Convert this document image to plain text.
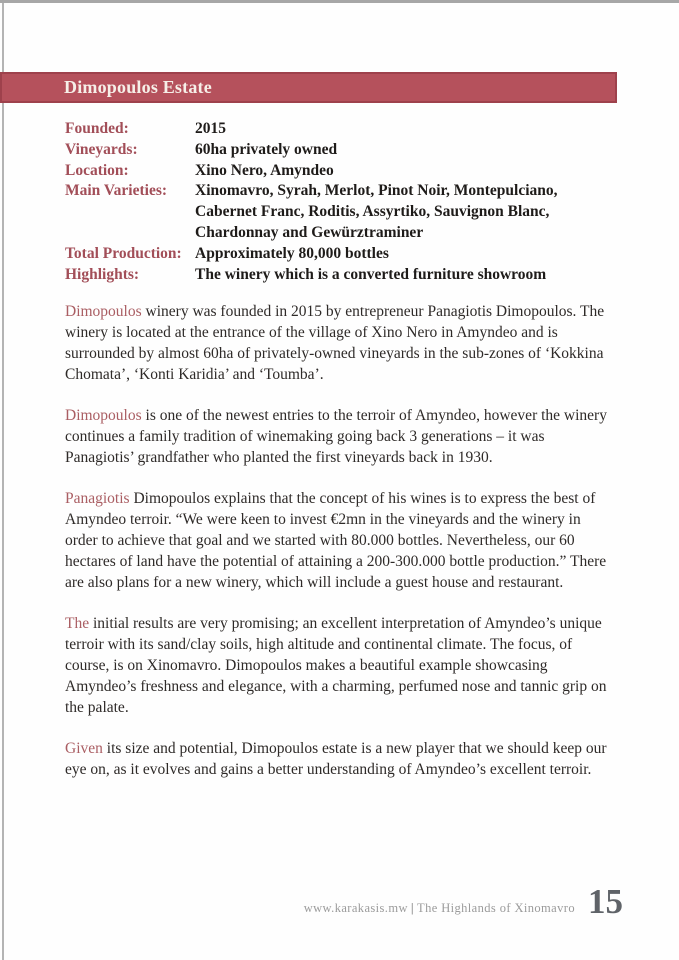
Dimopoulos Estate
Founded:	2015
Vineyards:	60ha privately owned
Location:	Xino Nero, Amyndeo
Main Varieties:	Xinomavro, Syrah, Merlot, Pinot Noir, Montepulciano, Cabernet Franc, Roditis, Assyrtiko, Sauvignon Blanc, Chardonnay and Gewürztraminer
Total Production: Approximately 80,000 bottles
Highlights:	The winery which is a converted furniture showroom

Dimopoulos winery was founded in 2015 by entrepreneur Panagiotis Dimopoulos. The winery is located at the entrance of the village of Xino Nero in Amyndeo and is surrounded by almost 60ha of privately-owned vineyards in the sub-zones of ‘Kokkina Chomata’, ‘Konti Karidia’ and ‘Toumba’.

Dimopoulos is one of the newest entries to the terroir of Amyndeo, however the winery continues a family tradition of winemaking going back 3 generations – it was Panagiotis’ grandfather who planted the first vineyards back in 1930.

Panagiotis Dimopoulos explains that the concept of his wines is to express the best of Amyndeo terroir. “We were keen to invest €2mn in the vineyards and the winery in order to achieve that goal and we started with 80.000 bottles. Nevertheless, our 60 hectares of land have the potential of attaining a 200-300.000 bottle production.” There are also plans for a new winery, which will include a guest house and restaurant.

The initial results are very promising; an excellent interpretation of Amyndeo’s unique terroir with its sand/clay soils, high altitude and continental climate. The focus, of course, is on Xinomavro. Dimopoulos makes a beautiful example showcasing Amyndeo’s freshness and elegance, with a charming, perfumed nose and tannic grip on the palate.

Given its size and potential, Dimopoulos estate is a new player that we should keep our eye on, as it evolves and gains a better understanding of Amyndeo’s excellent terroir.

www.karakasis.mw | The Highlands of Xinomavro 15
